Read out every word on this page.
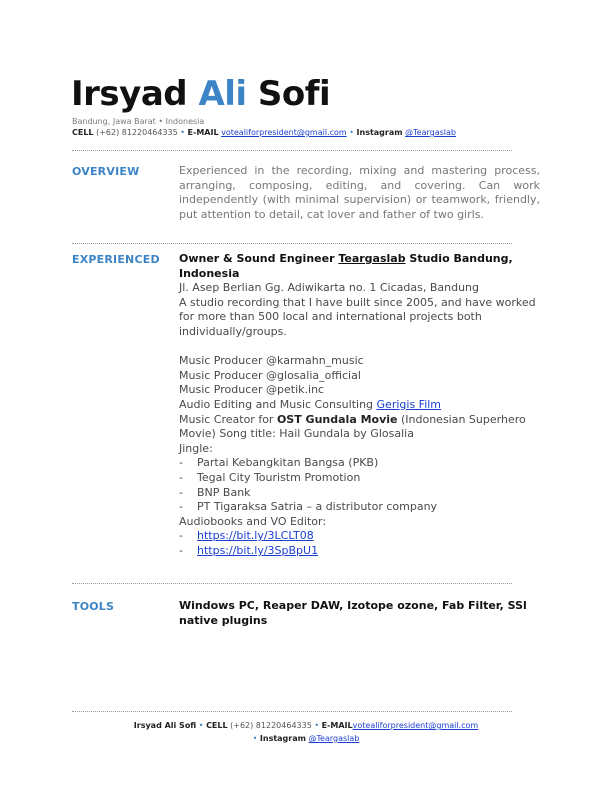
Irsyad Ali Sofi
Bandung, Jawa Barat • Indonesia
CELL (+62) 81220464335 • E-MAIL votealiforpresident@gmail.com • Instagram @Teargaslab
OVERVIEW	Experienced in the recording, mixing and mastering process, arranging, composing, editing, and covering. Can work independently (with minimal supervision) or teamwork, friendly, put attention to detail, cat lover and father of two girls.
EXPERIENCED Owner & Sound Engineer Teargaslab Studio Bandung, Indonesia
Jl. Asep Berlian Gg. Adiwikarta no. 1 Cicadas, Bandung
A studio recording that I have built since 2005, and have worked for more than 500 local and international projects both individually/groups.
Music Producer @karmahn_music
Music Producer @glosalia_official
Music Producer @petik.inc
Audio Editing and Music Consulting Gerigis Film
Music Creator for OST Gundala Movie (Indonesian Superhero Movie) Song title: Hail Gundala by Glosalia
Jingle:
-	Partai Kebangkitan Bangsa (PKB)
-	Tegal City Touristm Promotion
-	BNP Bank
-	PT Tigaraksa Satria – a distributor company
Audiobooks and VO Editor:
-	https://bit.ly/3LCLT08
-	https://bit.ly/3SpBpU1
TOOLS	Windows PC, Reaper DAW, Izotope ozone, Fab Filter, SSl native plugins
Irsyad Ali Sofi • CELL (+62) 81220464335 • E-MAILvotealiforpresident@gmail.com
• Instagram @Teargaslab
